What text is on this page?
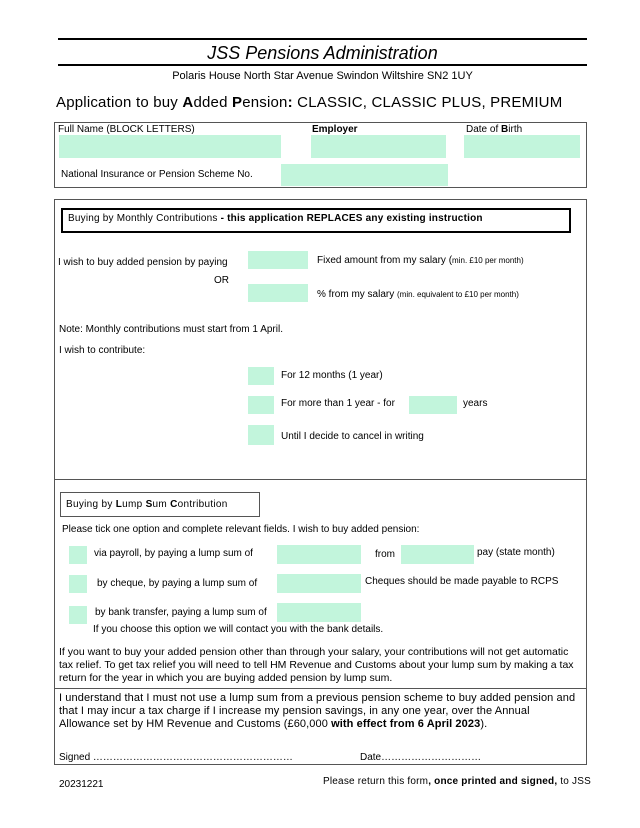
JSS Pensions Administration
Polaris House North Star Avenue Swindon Wiltshire SN2 1UY
Application to buy Added Pension: CLASSIC, CLASSIC PLUS, PREMIUM
Full Name (BLOCK LETTERS)	Employer	Date of Birth
National Insurance or Pension Scheme No.
Buying by Monthly Contributions - this application REPLACES any existing instruction
I wish to buy added pension by paying	Fixed amount from my salary (min. £10 per month)
OR
% from my salary (min. equivalent to £10 per month)
Note: Monthly contributions must start from 1 April.
I wish to contribute:
For 12 months (1 year)
For more than 1 year - for	years
Until I decide to cancel in writing
Buying by Lump Sum Contribution
Please tick one option and complete relevant fields. I wish to buy added pension:
via payroll, by paying a lump sum of	from	pay (state month)
by cheque, by paying a lump sum of	Cheques should be made payable to RCPS
by bank transfer, paying a lump sum of
If you choose this option we will contact you with the bank details.
If you want to buy your added pension other than through your salary, your contributions will not get automatic tax relief. To get tax relief you will need to tell HM Revenue and Customs about your lump sum by making a tax return for the year in which you are buying added pension by lump sum.
I understand that I must not use a lump sum from a previous pension scheme to buy added pension and that I may incur a tax charge if I increase my pension savings, in any one year, over the Annual Allowance set by HM Revenue and Customs (£60,000 with effect from 6 April 2023).
Signed ……………………………………………………	Date…………………………
20231221	Please return this form, once printed and signed, to JSS
